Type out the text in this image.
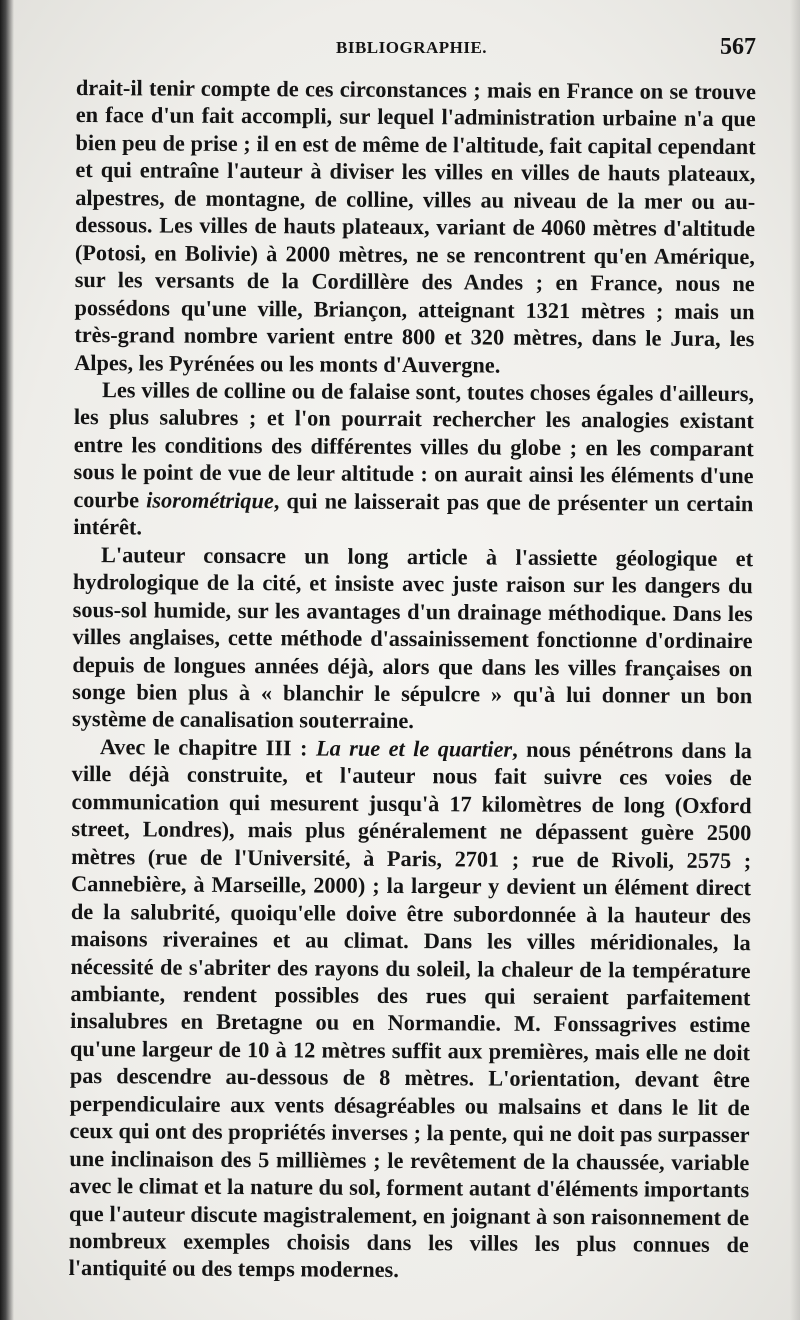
BIBLIOGRAPHIE.	567

drait-il tenir compte de ces circonstances ; mais en France on se trouve en face d'un fait accompli, sur lequel l'administration urbaine n'a que bien peu de prise ; il en est de même de l'altitude, fait capital cependant et qui entraîne l'auteur à diviser les villes en villes de hauts plateaux, alpestres, de montagne, de colline, villes au niveau de la mer ou au-dessous. Les villes de hauts plateaux, variant de 4060 mètres d'altitude (Potosi, en Bolivie) à 2000 mètres, ne se rencontrent qu'en Amérique, sur les versants de la Cordillère des Andes ; en France, nous ne possédons qu'une ville, Briançon, atteignant 1321 mètres ; mais un très-grand nombre varient entre 800 et 320 mètres, dans le Jura, les Alpes, les Pyrénées ou les monts d'Auvergne.

Les villes de colline ou de falaise sont, toutes choses égales d'ailleurs, les plus salubres ; et l'on pourrait rechercher les analogies existant entre les conditions des différentes villes du globe ; en les comparant sous le point de vue de leur altitude : on aurait ainsi les éléments d'une courbe isorométrique, qui ne laisserait pas que de présenter un certain intérêt.

L'auteur consacre un long article à l'assiette géologique et hydrologique de la cité, et insiste avec juste raison sur les dangers du sous-sol humide, sur les avantages d'un drainage méthodique. Dans les villes anglaises, cette méthode d'assainissement fonctionne d'ordinaire depuis de longues années déjà, alors que dans les villes françaises on songe bien plus à « blanchir le sépulcre » qu'à lui donner un bon système de canalisation souterraine.

Avec le chapitre III : La rue et le quartier, nous pénétrons dans la ville déjà construite, et l'auteur nous fait suivre ces voies de communication qui mesurent jusqu'à 17 kilomètres de long (Oxford street, Londres), mais plus généralement ne dépassent guère 2500 mètres (rue de l'Université, à Paris, 2701 ; rue de Rivoli, 2575 ; Cannebière, à Marseille, 2000) ; la largeur y devient un élément direct de la salubrité, quoiqu'elle doive être subordonnée à la hauteur des maisons riveraines et au climat. Dans les villes méridionales, la nécessité de s'abriter des rayons du soleil, la chaleur de la température ambiante, rendent possibles des rues qui seraient parfaitement insalubres en Bretagne ou en Normandie. M. Fonssagrives estime qu'une largeur de 10 à 12 mètres suffit aux premières, mais elle ne doit pas descendre au-dessous de 8 mètres. L'orientation, devant être perpendiculaire aux vents désagréables ou malsains et dans le lit de ceux qui ont des propriétés inverses ; la pente, qui ne doit pas surpasser une inclinaison des 5 millièmes ; le revêtement de la chaussée, variable avec le climat et la nature du sol, forment autant d'éléments importants que l'auteur discute magistralement, en joignant à son raisonnement de nombreux exemples choisis dans les villes les plus connues de l'antiquité ou des temps modernes.
